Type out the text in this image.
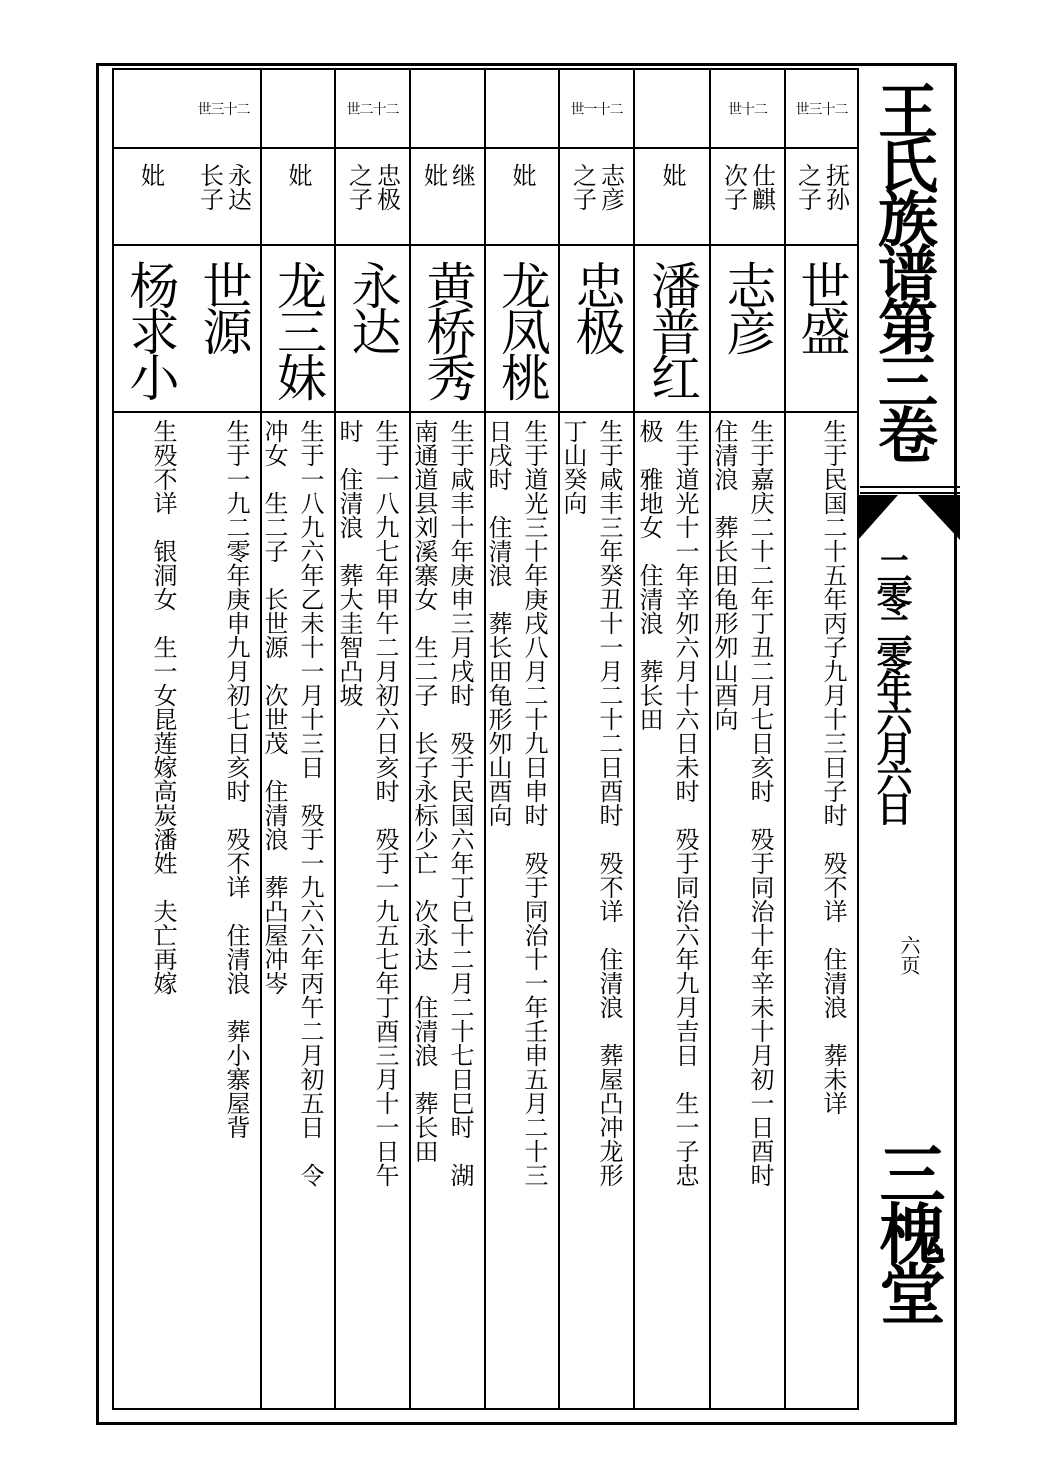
世三十二
抚孙
之子
世盛
生于民国二十五年丙子九月十三日子时　殁不详　住清浪　葬未详
世十二
仕麒
次子
志彦
生于嘉庆二十二年丁丑二月七日亥时　殁于同治十年辛未十月初一日酉时
住清浪　葬长田龟形夘山酉向
妣
潘普红
生于道光十一年辛夘六月十六日未时　殁于同治六年九月吉日　生一子忠
极　雅地女　住清浪　葬长田
世一十二
志彦
之子
忠极
生于咸丰三年癸丑十一月二十二日酉时　殁不详　住清浪　葬屋凸冲龙形
丁山癸向
妣
龙凤桃
生于道光三十年庚戌八月二十九日申时　殁于同治十一年壬申五月二十三
日戌时　住清浪　葬长田龟形夘山酉向
继
妣
黄桥秀
生于咸丰十年庚申三月戌时　殁于民国六年丁巳十二月二十七日巳时　湖
南通道县刘溪寨女　生二子　长子永标少亡　次永达　住清浪　葬长田
世二十二
忠极
之子
永达
生于一八九七年甲午二月初六日亥时　殁于一九五七年丁酉三月十一日午
时　住清浪　葬大圭智凸坡
妣
龙三妹
生于一八九六年乙未十一月十三日　殁于一九六六年丙午二月初五日　令
冲女　生二子　长世源　次世茂　住清浪　葬凸屋冲岑
世三十二
永达
长子
世源
生于一九二零年庚申九月初七日亥时　殁不详　住清浪　葬小寨屋背
妣
杨求小
生殁不详　银洞女　生一女昆莲嫁高炭潘姓　夫亡再嫁
王氏族谱第三卷
二零二零年六月六日
六页
三槐堂
